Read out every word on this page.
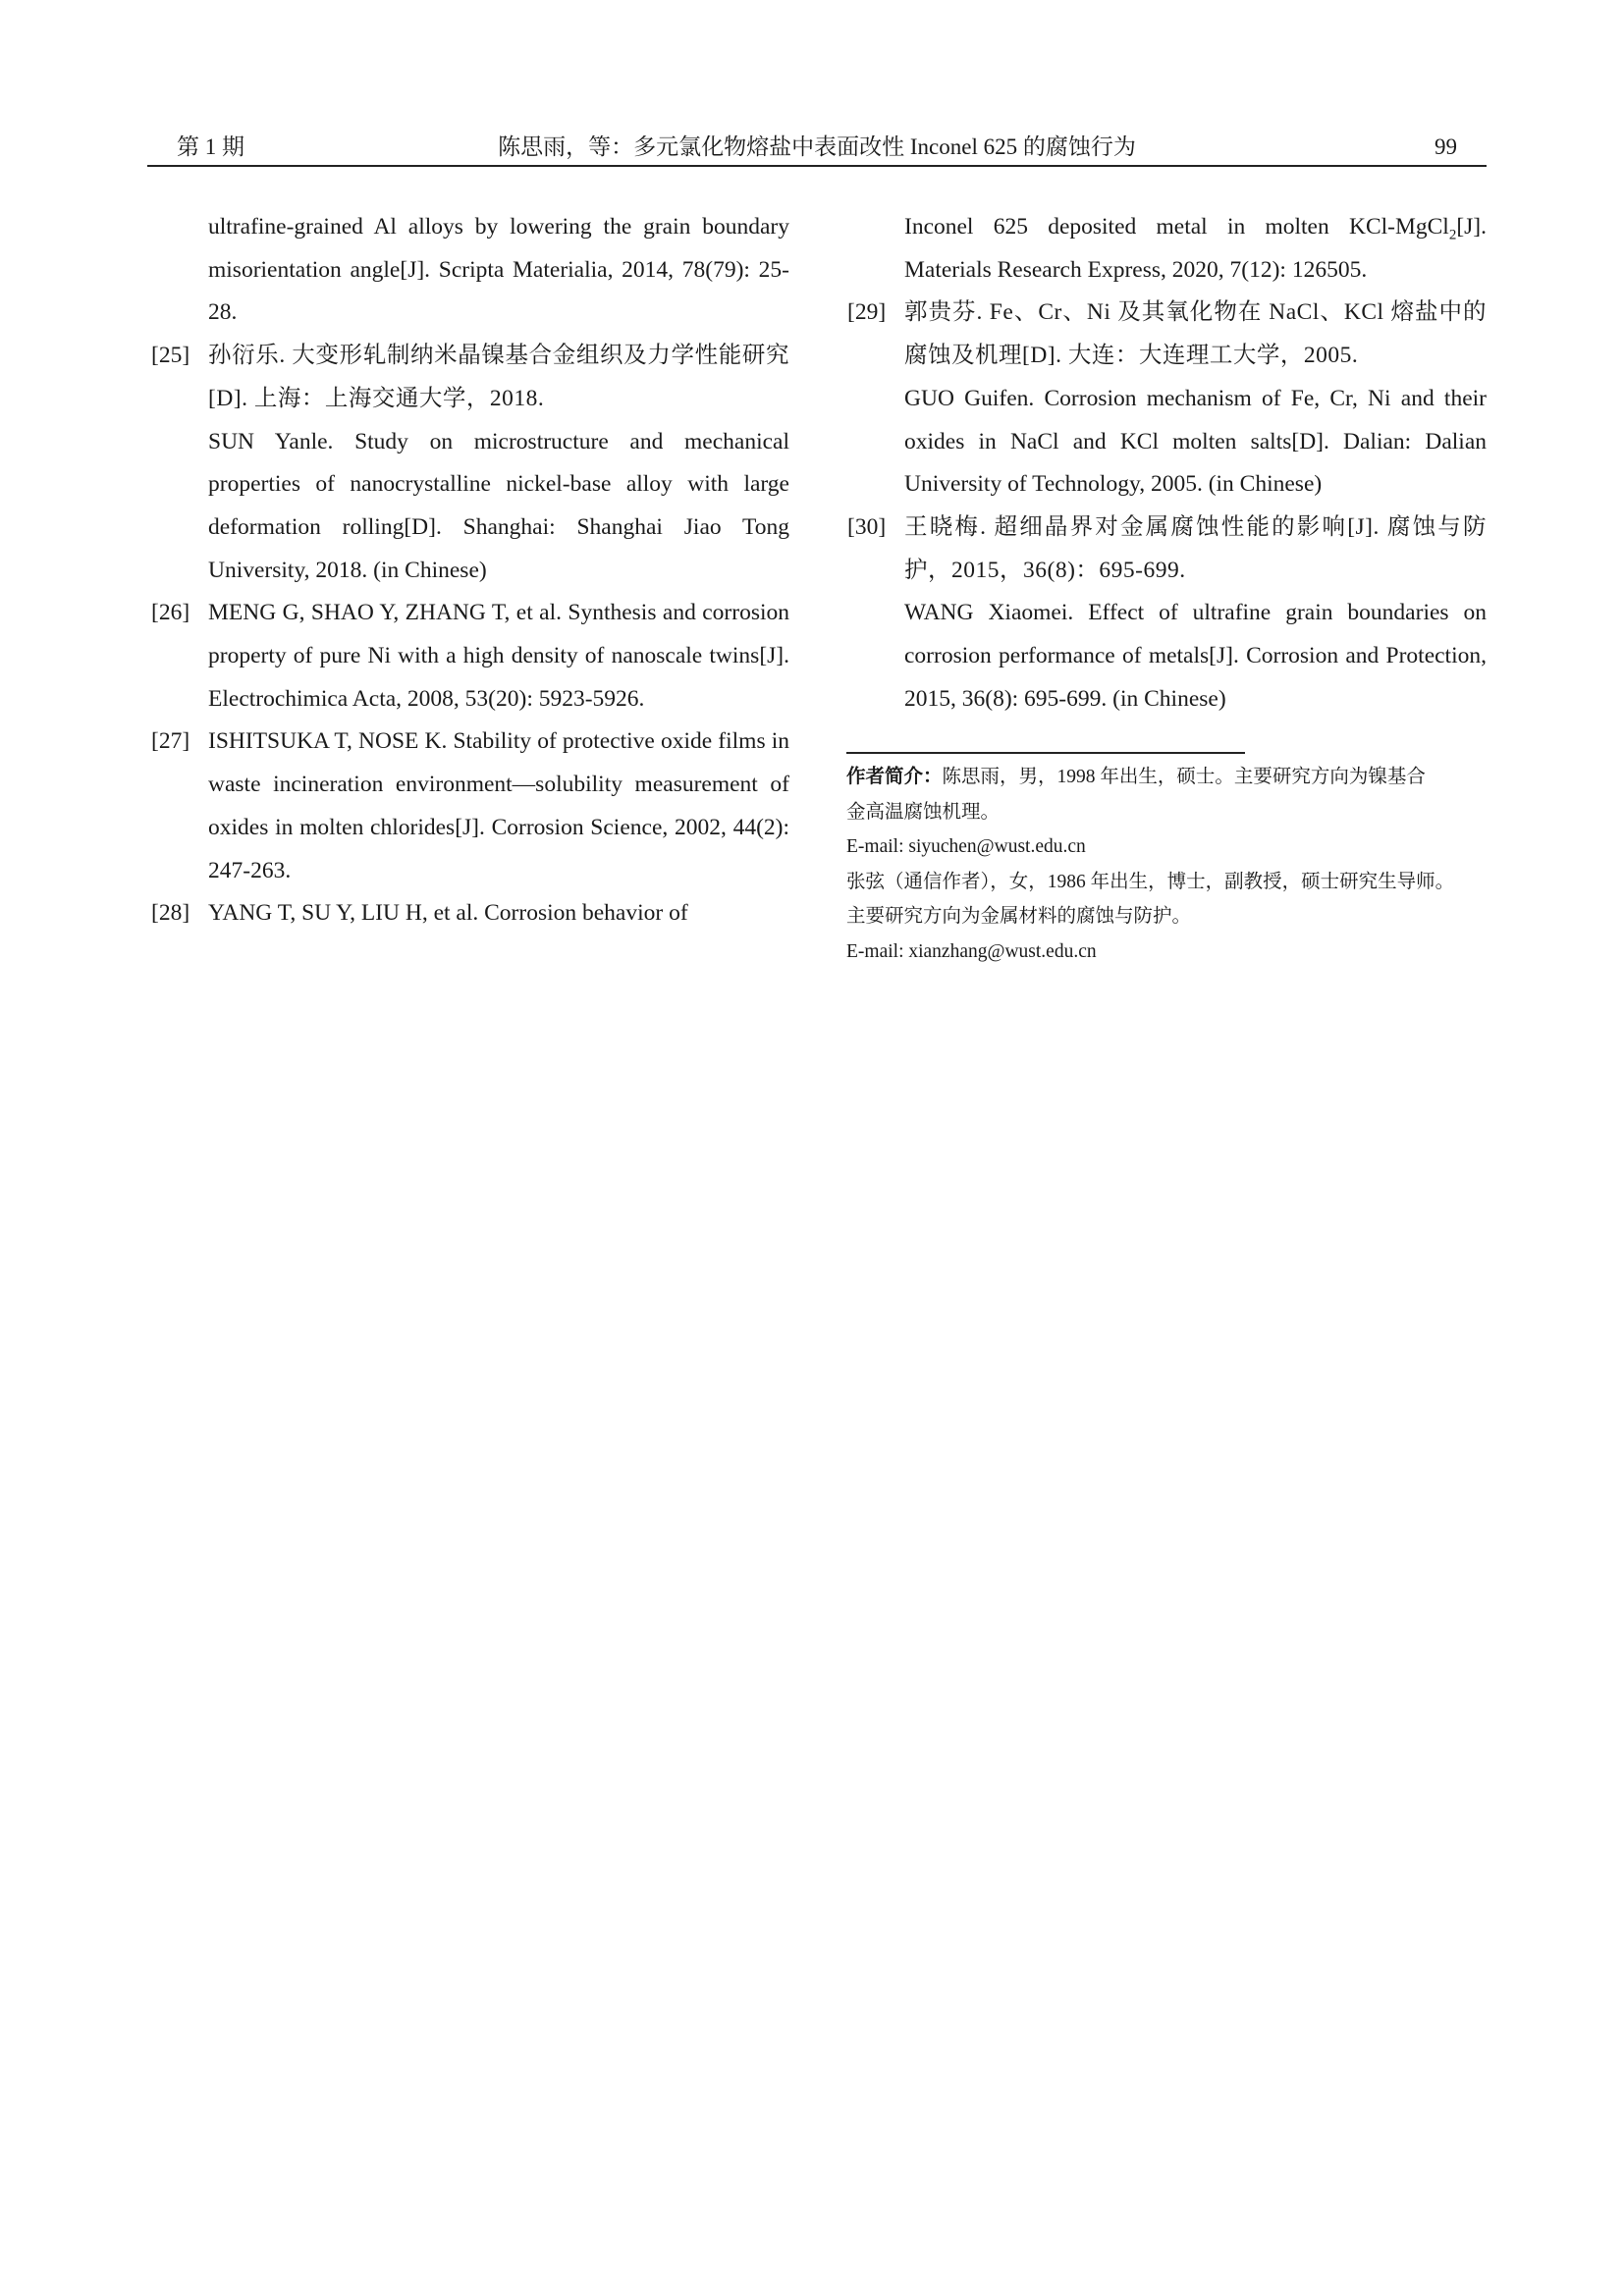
第 1 期	陈思雨，等：多元氯化物熔盐中表面改性 Inconel 625 的腐蚀行为	99
ultrafine-grained Al alloys by lowering the grain boundary misorientation angle[J]. Scripta Materialia, 2014, 78(79): 25-28.
[25] 孙衍乐. 大变形轧制纳米晶镍基合金组织及力学性能研究[D]. 上海：上海交通大学，2018.
SUN Yanle. Study on microstructure and mechanical properties of nanocrystalline nickel-base alloy with large deformation rolling[D]. Shanghai: Shanghai Jiao Tong University, 2018. (in Chinese)
[26] MENG G, SHAO Y, ZHANG T, et al. Synthesis and corrosion property of pure Ni with a high density of nanoscale twins[J]. Electrochimica Acta, 2008, 53(20): 5923-5926.
[27] ISHITSUKA T, NOSE K. Stability of protective oxide films in waste incineration environment—solubility measurement of oxides in molten chlorides[J]. Corrosion Science, 2002, 44(2): 247-263.
[28] YANG T, SU Y, LIU H, et al. Corrosion behavior of
Inconel 625 deposited metal in molten KCl-MgCl$_2$[J]. Materials Research Express, 2020, 7(12): 126505.
[29] 郭贵芬. Fe、Cr、Ni 及其氧化物在 NaCl、KCl 熔盐中的腐蚀及机理[D]. 大连：大连理工大学，2005.
GUO Guifen. Corrosion mechanism of Fe, Cr, Ni and their oxides in NaCl and KCl molten salts[D]. Dalian: Dalian University of Technology, 2005. (in Chinese)
[30] 王晓梅. 超细晶界对金属腐蚀性能的影响[J]. 腐蚀与防护，2015，36(8)：695-699.
WANG Xiaomei. Effect of ultrafine grain boundaries on corrosion performance of metals[J]. Corrosion and Protection, 2015, 36(8): 695-699. (in Chinese)
作者简介：陈思雨，男，1998 年出生，硕士。主要研究方向为镍基合
金高温腐蚀机理。
E-mail: siyuchen@wust.edu.cn
张弦（通信作者），女，1986 年出生，博士，副教授，硕士研究生导师。
主要研究方向为金属材料的腐蚀与防护。
E-mail: xianzhang@wust.edu.cn
